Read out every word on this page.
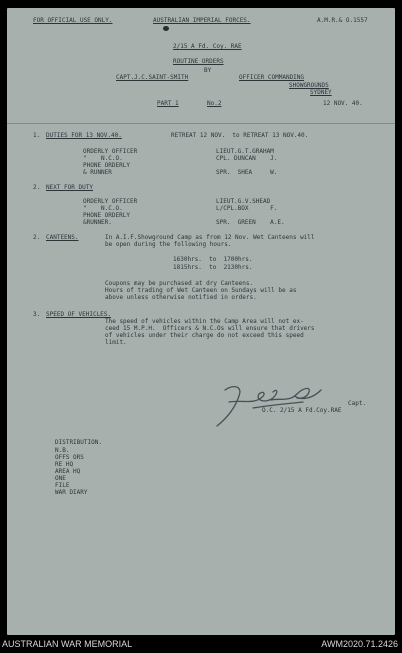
FOR OFFICIAL USE ONLY.	AUSTRALIAN IMPERIAL FORCES.	A.M.R.& O.1557
2/15 A Fd. Coy. RAE
ROUTINE ORDERS
BY
CAPT.J.C.SAINT-SMITH	OFFICER COMMANDING
SHOWGROUNDS
SYDNEY
PART 1	No.2	12 NOV. 40.
1. DUTIES FOR 13 NOV.40.	RETREAT 12 NOV.  to RETREAT 13 NOV.40.
ORDERLY OFFICER	LIEUT.G.T.GRAHAM
"    N.C.O.	CPL. DUNCAN    J.
PHONE ORDERLY
& RUNNER	SPR.  SHEA     W.
2. NEXT FOR DUTY
ORDERLY OFFICER	LIEUT.G.V.SHEAD
"    N.C.O.	L/CPL.BOX      F.
PHONE ORDERLY
&RUNNER.	SPR.  GREEN    A.E.
2. CANTEENS.	In A.I.F.Showground Camp as from 12 Nov. Wet Canteens will
be open during the following hours.
1630hrs.  to  1700hrs.
1815hrs.  to  2130hrs.
Coupons may be purchased at dry Canteens.
Hours of trading of Wet Canteen on Sundays will be as
above unless otherwise notified in orders.
3. SPEED OF VEHICLES.
The speed of vehicles within the Camp Area will not ex-
ceed 15 M.P.H.  Officers & N.C.Os will ensure that drivers
of vehicles under their charge do not exceed this speed
limit.
Capt.
O.C. 2/15 A Fd.Coy.RAE
DISTRIBUTION.
N.B.
OFFS ORS
RE HQ
AREA HQ
ONE
FILE
WAR DIARY
AUSTRALIAN WAR MEMORIAL	AWM2020.71.2426
